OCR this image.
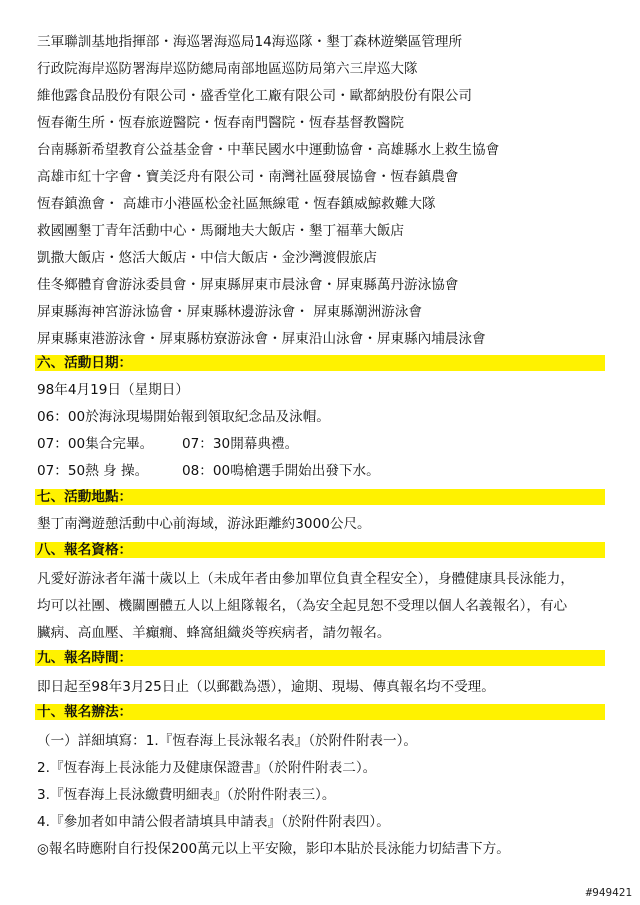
三軍聯訓基地指揮部・海巡署海巡局14海巡隊・墾丁森林遊樂區管理所
行政院海岸巡防署海岸巡防總局南部地區巡防局第六三岸巡大隊
維他露食品股份有限公司・盛香堂化工廠有限公司・歐都納股份有限公司
恆春衛生所・恆春旅遊醫院・恆春南門醫院・恆春基督教醫院
台南縣新希望教育公益基金會・中華民國水中運動協會・高雄縣水上救生協會
高雄市紅十字會・寶美泛舟有限公司・南灣社區發展協會・恆春鎮農會
恆春鎮漁會・ 高雄市小港區松金社區無線電・恆春鎮威鯨救難大隊
救國團墾丁青年活動中心・馬爾地夫大飯店・墾丁福華大飯店
凱撒大飯店・悠活大飯店・中信大飯店・金沙灣渡假旅店
佳冬鄉體育會游泳委員會・屏東縣屏東市晨泳會・屏東縣萬丹游泳協會
屏東縣海神宮游泳協會・屏東縣林邊游泳會・ 屏東縣潮洲游泳會
屏東縣東港游泳會・屏東縣枋寮游泳會・屏東沿山泳會・屏東縣內埔晨泳會
六、活動日期：
98年4月19日（星期日）
06：00於海泳現場開始報到領取紀念品及泳帽。
07：00集合完畢。 07：30開幕典禮。
07：50熱 身 操。 08：00鳴槍選手開始出發下水。
七、活動地點：
墾丁南灣遊憩活動中心前海域，游泳距離約3000公尺。
八、報名資格：
凡愛好游泳者年滿十歲以上（未成年者由參加單位負責全程安全），身體健康具長泳能力，
均可以社團、機關團體五人以上組隊報名，（為安全起見恕不受理以個人名義報名），有心
臟病、高血壓、羊癲癇、蜂窩組織炎等疾病者，請勿報名。
九、報名時間：
即日起至98年3月25日止（以郵戳為憑），逾期、現場、傳真報名均不受理。
十、報名辦法：
（一）詳細填寫：1.『恆春海上長泳報名表』（於附件附表一）。
2.『恆春海上長泳能力及健康保證書』（於附件附表二）。
3.『恆春海上長泳繳費明細表』（於附件附表三）。
4.『參加者如申請公假者請填具申請表』（於附件附表四）。
◎報名時應附自行投保200萬元以上平安險，影印本貼於長泳能力切結書下方。
#949421
